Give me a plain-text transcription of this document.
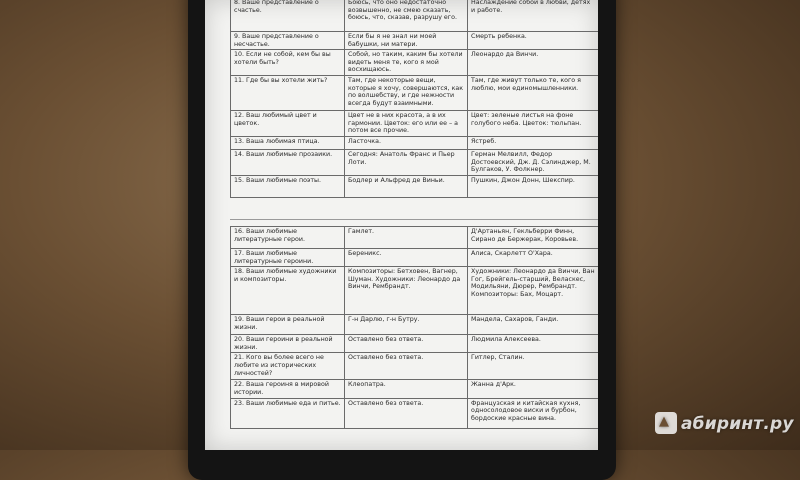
8. Ваше представление о счастье.	Боюсь, что оно недостаточно возвышенно, не смею сказать, боюсь, что, сказав, разрушу его.	Наслаждение собой в любви, детях и работе.
9. Ваше представление о несчастье.	Если бы я не знал ни моей бабушки, ни матери.	Смерть ребенка.
10. Если не собой, кем бы вы хотели быть?	Собой, но таким, каким бы хотели видеть меня те, кого я мой восхищаюсь.	Леонардо да Винчи.
11. Где бы вы хотели жить?	Там, где некоторые вещи, которые я хочу, совершаются, как по волшебству, и где нежности всегда будут взаимными.	Там, где живут только те, кого я люблю, мои единомышленники.
12. Ваш любимый цвет и цветок.	Цвет не в них красота, а в их гармонии. Цветок: его или ее – а потом все прочие.	Цвет: зеленые листья на фоне голубого неба. Цветок: тюльпан.
13. Ваша любимая птица.	Ласточка.	Ястреб.
14. Ваши любимые прозаики.	Сегодня: Анатоль Франс и Пьер Лоти.	Герман Мелвилл, Федор Достоевский, Дж. Д. Сэлинджер, М. Булгаков, У. Фолкнер.
15. Ваши любимые поэты.	Бодлер и Альфред де Виньи.	Пушкин, Джон Донн, Шекспир.
16. Ваши любимые литературные герои.	Гамлет.	Д'Артаньян, Гекльберри Финн, Сирано де Бержерак, Коровьев.
17. Ваши любимые литературные героини.	Береникс.	Алиса, Скарлетт О'Хара.
18. Ваши любимые художники и композиторы.	Композиторы: Бетховен, Вагнер, Шуман. Художники: Леонардо да Винчи, Рембрандт.	Художники: Леонардо да Винчи, Ван Гог, Брейгель-старший, Веласкес, Модильяни, Дюрер, Рембрандт. Композиторы: Бах, Моцарт.
19. Ваши герои в реальной жизни.	Г-н Дарлю, г-н Бутру.	Мандела, Сахаров, Ганди.
20. Ваши героини в реальной жизни.	Оставлено без ответа.	Людмила Алексеева.
21. Кого вы более всего не любите из исторических личностей?	Оставлено без ответа.	Гитлер, Сталин.
22. Ваша героиня в мировой истории.	Клеопатра.	Жанна д'Арк.
23. Ваши любимые еда и питье.	Оставлено без ответа.	Французская и китайская кухня, односолодовое виски и бурбон, бордоские красные вина.
▲	абиринт.ру
